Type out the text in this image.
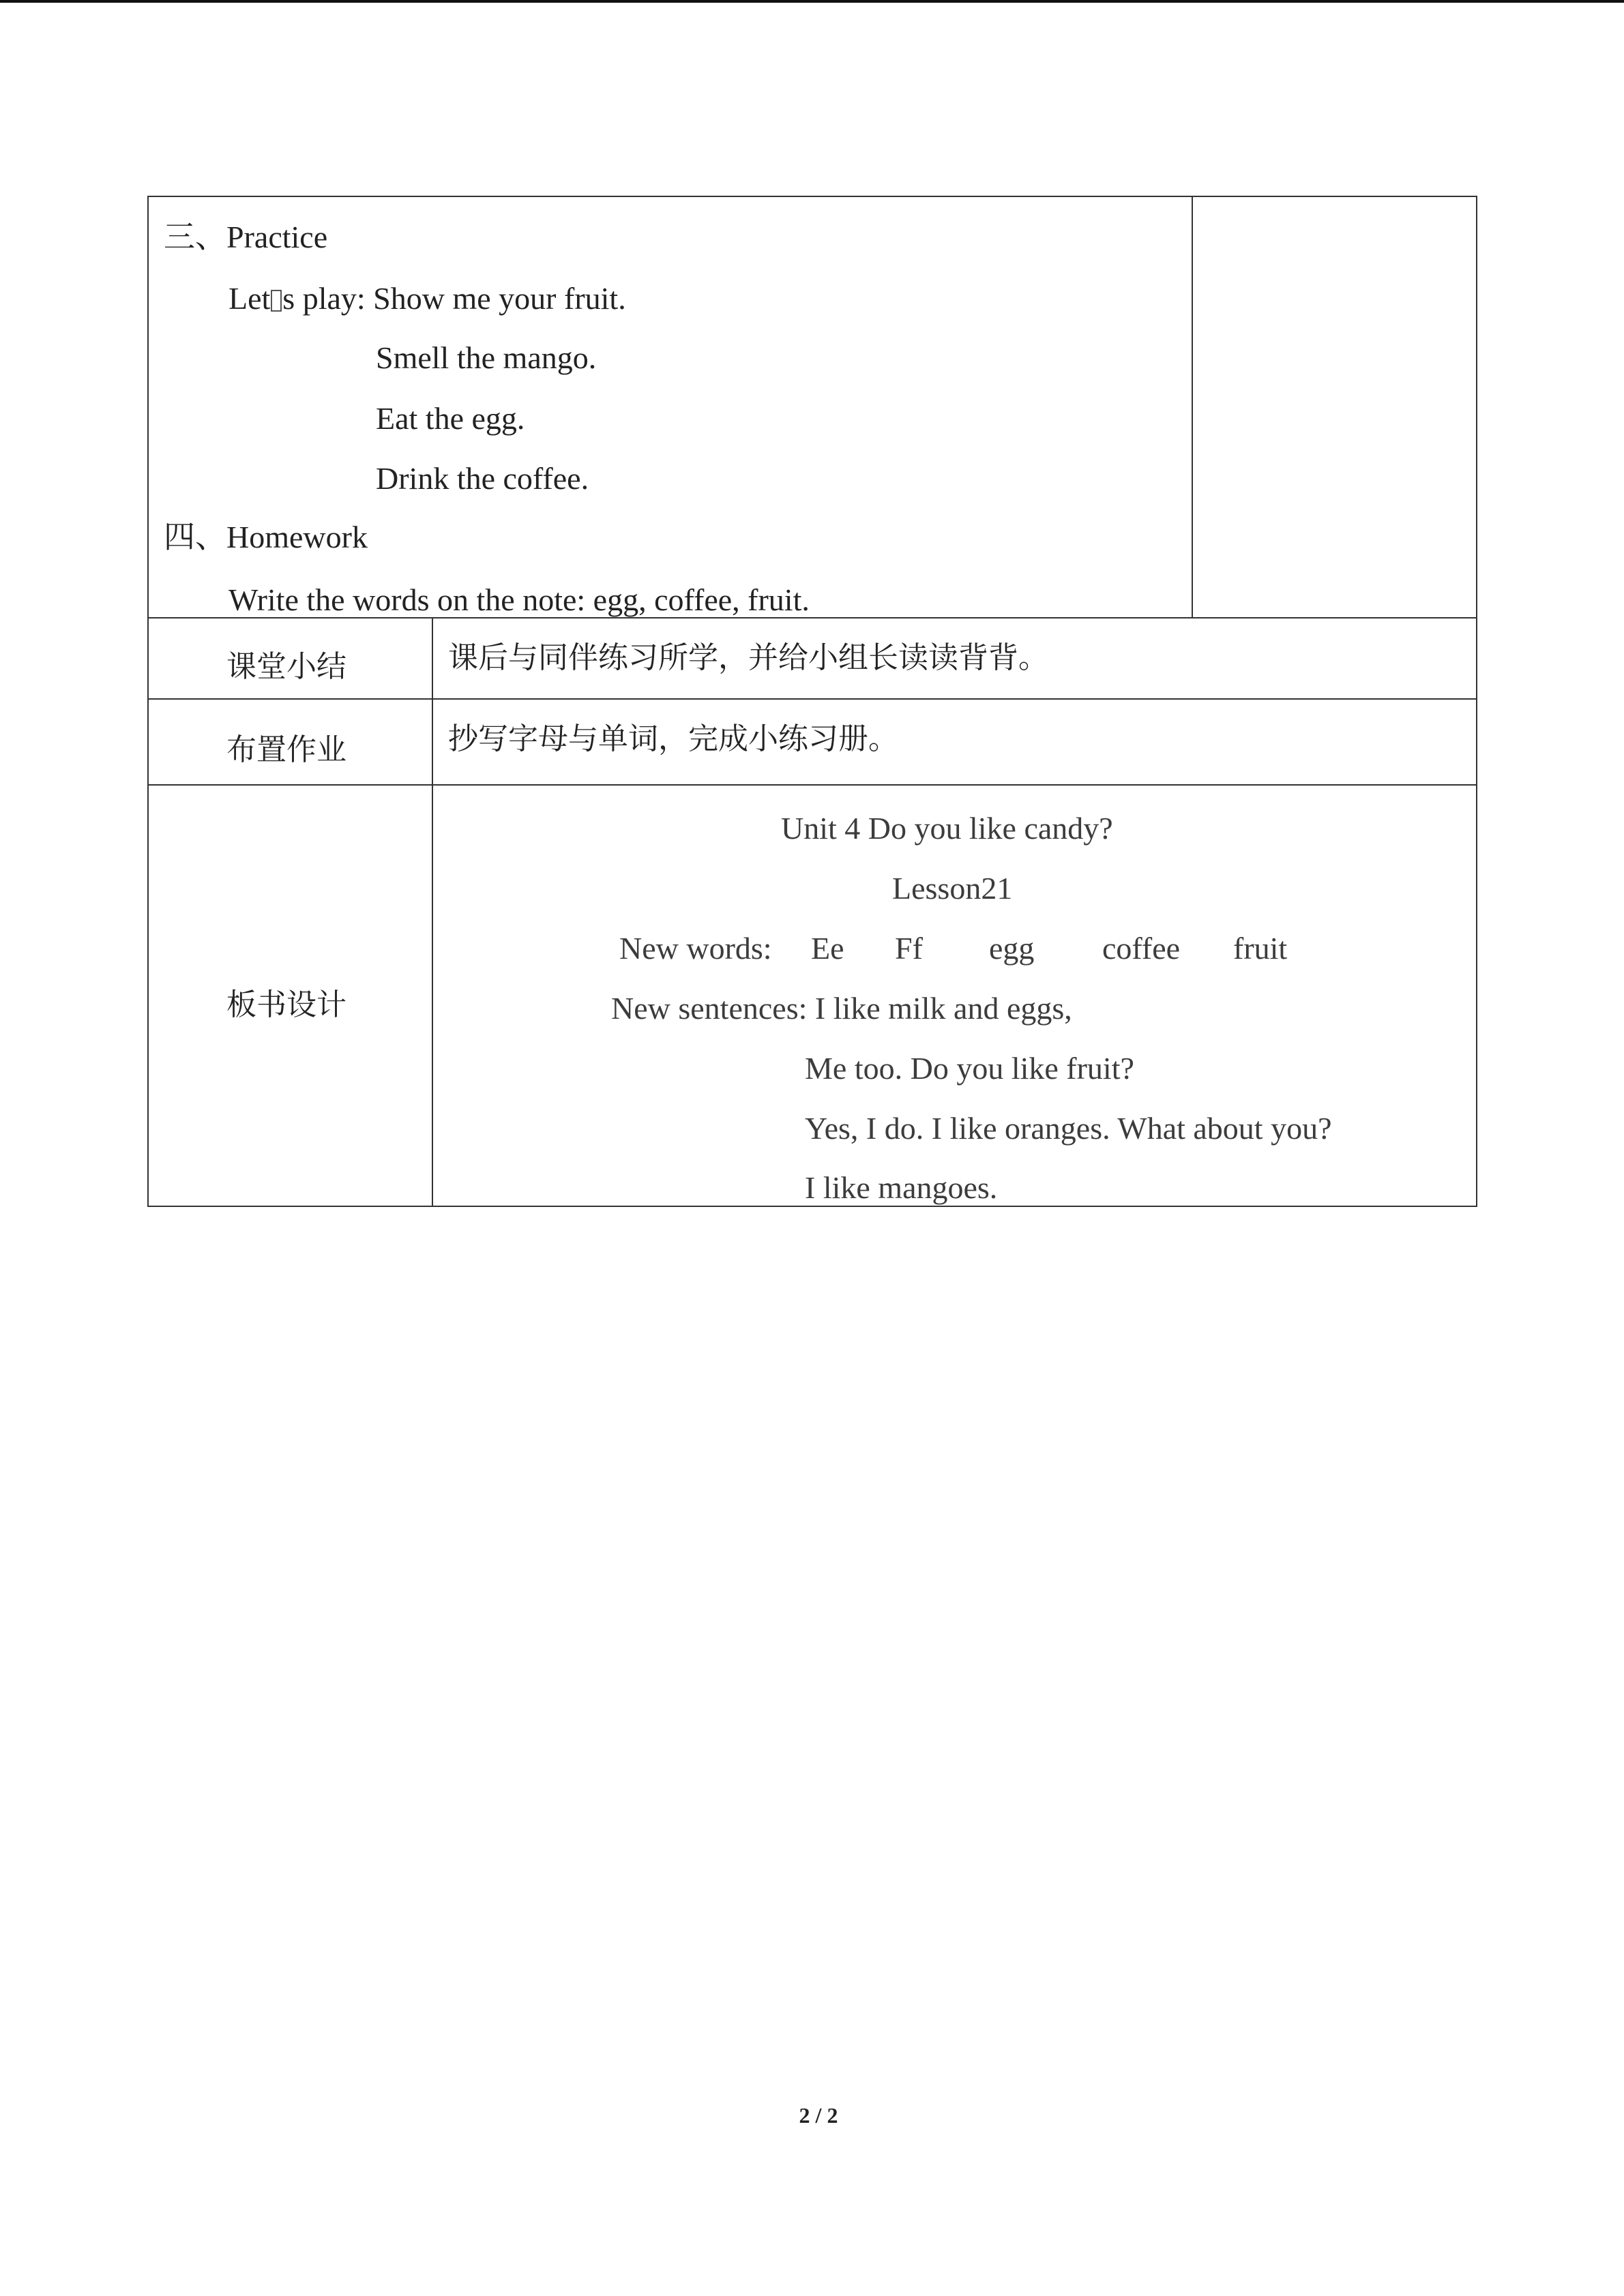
三、Practice
Let s play: Show me your fruit.
Smell the mango.
Eat the egg.
Drink the coffee.
四、Homework
Write the words on the note: egg, coffee, fruit.
课堂小结	课后与同伴练习所学，并给小组长读读背背。
布置作业	抄写字母与单词，完成小练习册。
板书设计
Unit 4 Do you like candy?
Lesson21
New words: Ee Ff egg coffee fruit
New sentences: I like milk and eggs,
Me too. Do you like fruit?
Yes, I do. I like oranges. What about you?
I like mangoes.
2 / 2
